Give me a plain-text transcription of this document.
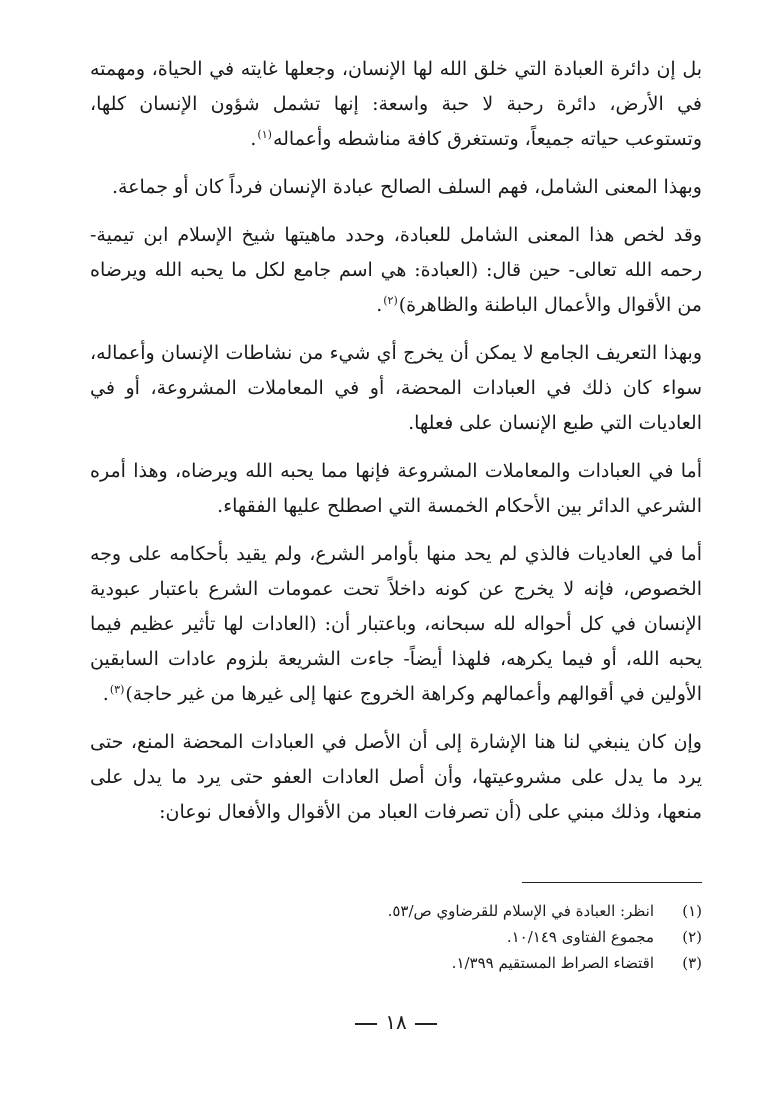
بل إن دائرة العبادة التي خلق الله لها الإنسان، وجعلها غايته في الحياة، ومهمته في الأرض، دائرة رحبة لا حبة واسعة: إنها تشمل شؤون الإنسان كلها، وتستوعب حياته جميعاً، وتستغرق كافة مناشطه وأعماله$^{(١)}$.

وبهذا المعنى الشامل، فهم السلف الصالح عبادة الإنسان فرداً كان أو جماعة.

وقد لخص هذا المعنى الشامل للعبادة، وحدد ماهيتها شيخ الإسلام ابن تيمية- رحمه الله تعالى- حين قال: (العبادة: هي اسم جامع لكل ما يحبه الله ويرضاه من الأقوال والأعمال الباطنة والظاهرة)$^{(٢)}$.

وبهذا التعريف الجامع لا يمكن أن يخرج أي شيء من نشاطات الإنسان وأعماله، سواء كان ذلك في العبادات المحضة، أو في المعاملات المشروعة، أو في العاديات التي طبع الإنسان على فعلها.

أما في العبادات والمعاملات المشروعة فإنها مما يحبه الله ويرضاه، وهذا أمره الشرعي الدائر بين الأحكام الخمسة التي اصطلح عليها الفقهاء.

أما في العاديات فالذي لم يحد منها بأوامر الشرع، ولم يقيد بأحكامه على وجه الخصوص، فإنه لا يخرج عن كونه داخلاً تحت عمومات الشرع باعتبار عبودية الإنسان في كل أحواله لله سبحانه، وباعتبار أن: (العادات لها تأثير عظيم فيما يحبه الله، أو فيما يكرهه، فلهذا أيضاً- جاءت الشريعة بلزوم عادات السابقين الأولين في أقوالهم وأعمالهم وكراهة الخروج عنها إلى غيرها من غير حاجة)$^{(٣)}$.

وإن كان ينبغي لنا هنا الإشارة إلى أن الأصل في العبادات المحضة المنع، حتى يرد ما يدل على مشروعيتها، وأن أصل العادات العفو حتى يرد ما يدل على منعها، وذلك مبني على (أن تصرفات العباد من الأقوال والأفعال نوعان:

(١)
انظر: العبادة في الإسلام للقرضاوي ص/٥٣.
(٢)
مجموع الفتاوى ١٠/١٤٩.
(٣)
اقتضاء الصراط المستقيم ١/٣٩٩.
١٨
